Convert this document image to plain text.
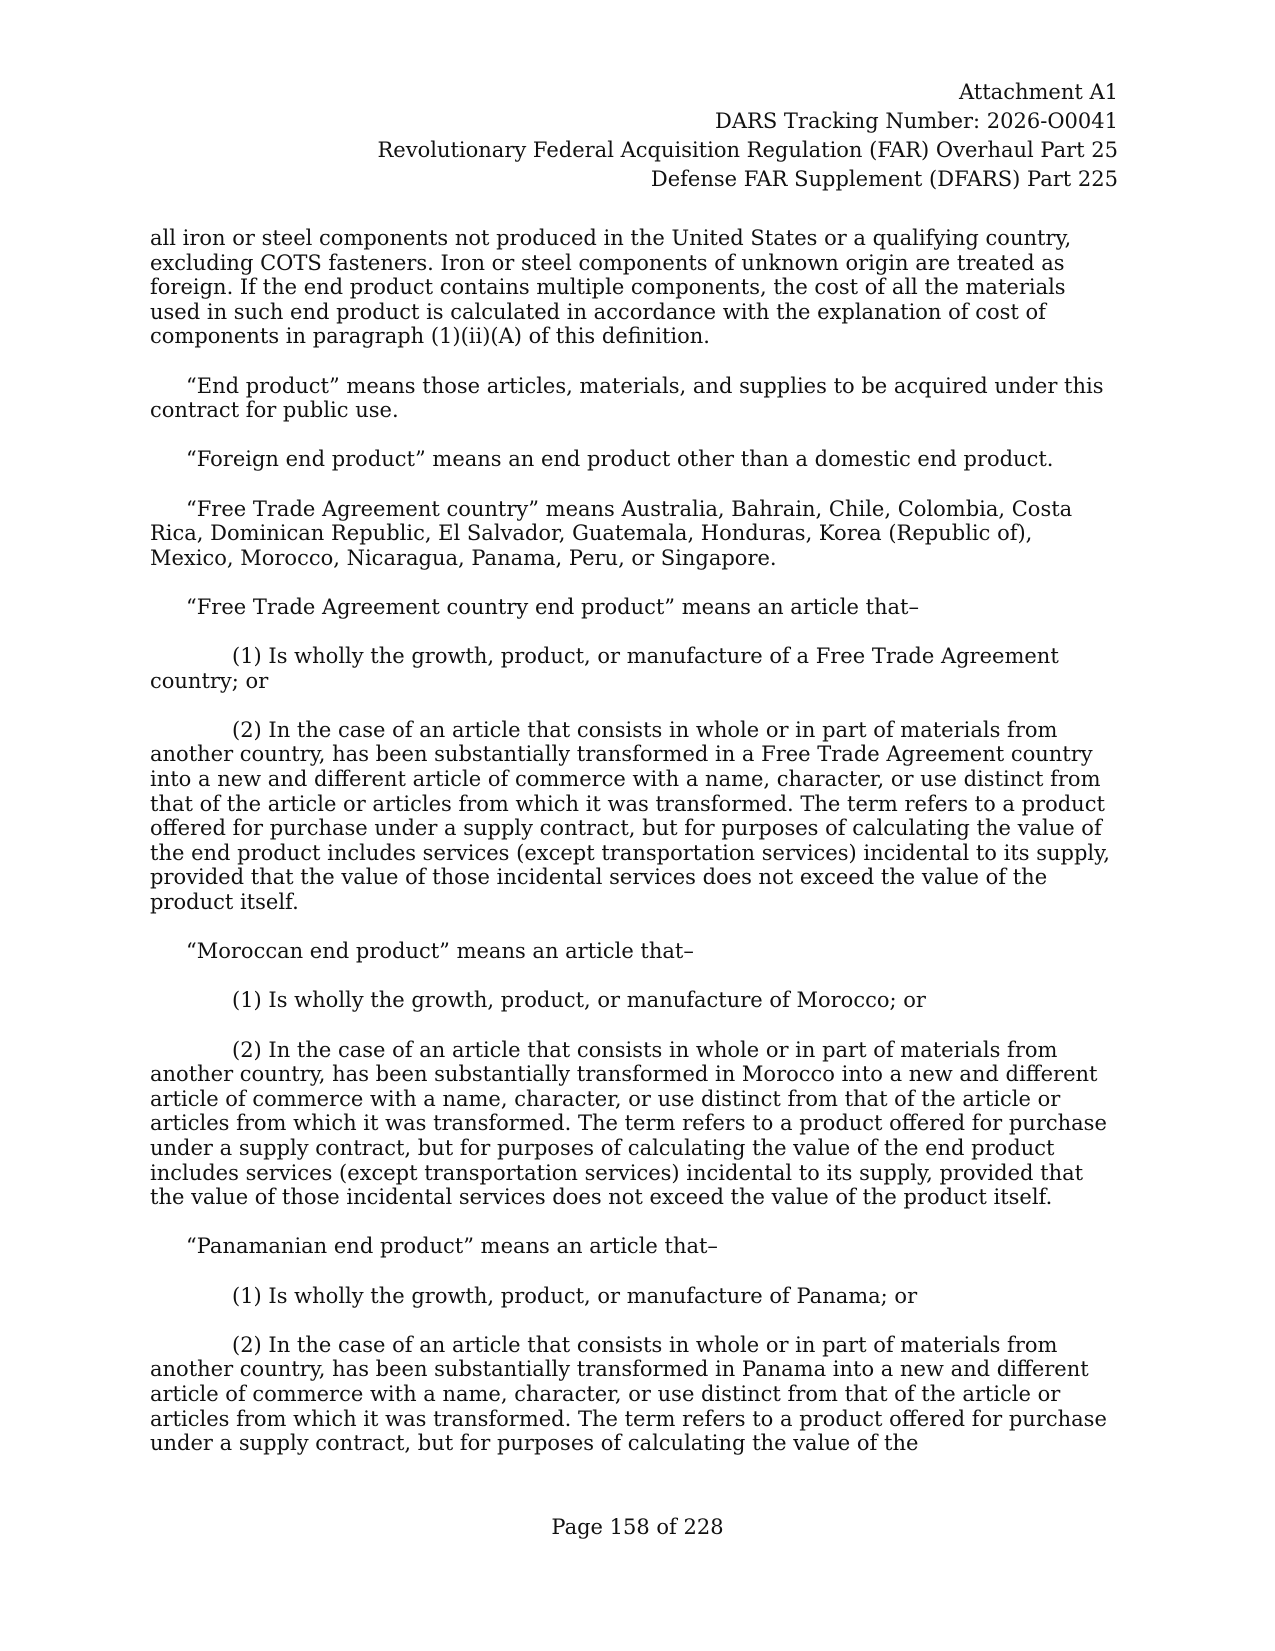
Attachment A1
DARS Tracking Number: 2026-O0041
Revolutionary Federal Acquisition Regulation (FAR) Overhaul Part 25
Defense FAR Supplement (DFARS) Part 225

all iron or steel components not produced in the United States or a qualifying country, excluding COTS fasteners. Iron or steel components of unknown origin are treated as foreign. If the end product contains multiple components, the cost of all the materials used in such end product is calculated in accordance with the explanation of cost of components in paragraph (1)(ii)(A) of this definition.

“End product” means those articles, materials, and supplies to be acquired under this contract for public use.

“Foreign end product” means an end product other than a domestic end product.

“Free Trade Agreement country” means Australia, Bahrain, Chile, Colombia, Costa Rica, Dominican Republic, El Salvador, Guatemala, Honduras, Korea (Republic of), Mexico, Morocco, Nicaragua, Panama, Peru, or Singapore.

“Free Trade Agreement country end product” means an article that–

(1) Is wholly the growth, product, or manufacture of a Free Trade Agreement country; or

(2) In the case of an article that consists in whole or in part of materials from another country, has been substantially transformed in a Free Trade Agreement country into a new and different article of commerce with a name, character, or use distinct from that of the article or articles from which it was transformed. The term refers to a product offered for purchase under a supply contract, but for purposes of calculating the value of the end product includes services (except transportation services) incidental to its supply, provided that the value of those incidental services does not exceed the value of the product itself.

“Moroccan end product” means an article that–

(1) Is wholly the growth, product, or manufacture of Morocco; or

(2) In the case of an article that consists in whole or in part of materials from another country, has been substantially transformed in Morocco into a new and different article of commerce with a name, character, or use distinct from that of the article or articles from which it was transformed. The term refers to a product offered for purchase under a supply contract, but for purposes of calculating the value of the end product includes services (except transportation services) incidental to its supply, provided that the value of those incidental services does not exceed the value of the product itself.

“Panamanian end product” means an article that–

(1) Is wholly the growth, product, or manufacture of Panama; or

(2) In the case of an article that consists in whole or in part of materials from another country, has been substantially transformed in Panama into a new and different article of commerce with a name, character, or use distinct from that of the article or articles from which it was transformed. The term refers to a product offered for purchase under a supply contract, but for purposes of calculating the value of the

Page 158 of 228
